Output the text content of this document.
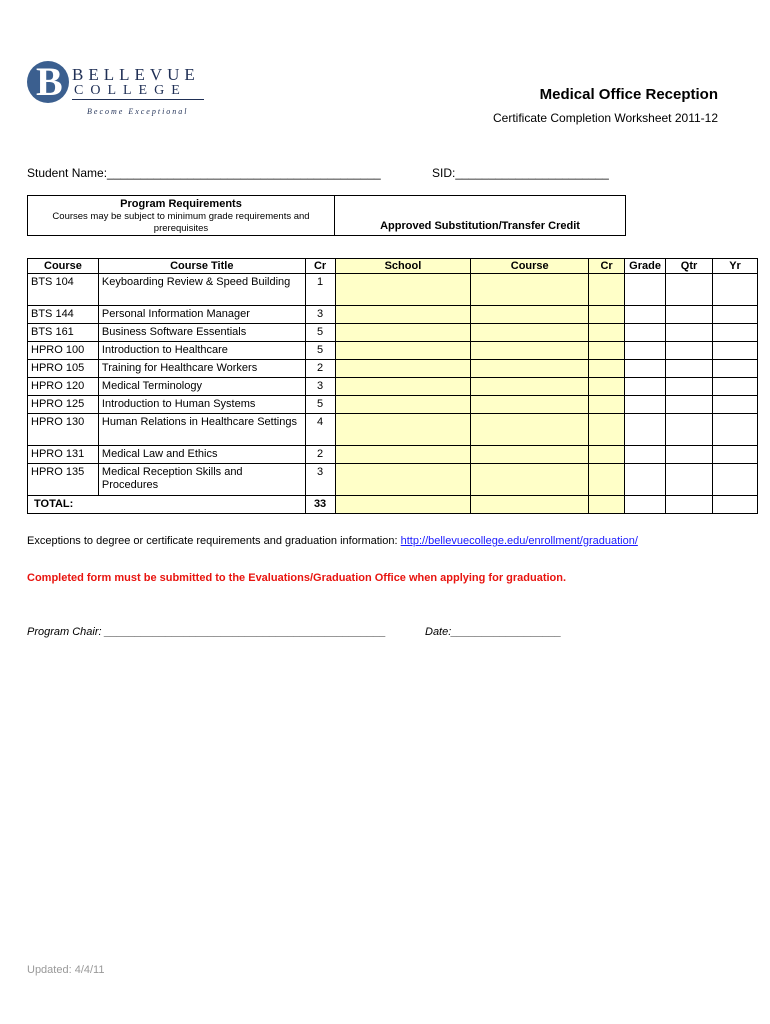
B BELLEVUE
COLLEGE
Become Exceptional
Medical Office Reception
Certificate Completion Worksheet 2011-12
Student Name:_________________________________________	SID:_______________________
Program Requirements
Courses may be subject to minimum grade requirements and prerequisites	Approved Substitution/Transfer Credit
Course	Course Title	Cr	School	Course	Cr	Grade	Qtr	Yr
BTS 104	Keyboarding Review & Speed Building	1						
BTS 144	Personal Information Manager	3						
BTS 161	Business Software Essentials	5						
HPRO 100	Introduction to Healthcare	5						
HPRO 105	Training for Healthcare Workers	2						
HPRO 120	Medical Terminology	3						
HPRO 125	Introduction to Human Systems	5						
HPRO 130	Human Relations in Healthcare Settings	4						
HPRO 131	Medical Law and Ethics	2						
HPRO 135	Medical Reception Skills and Procedures	3						
TOTAL:		33						
Exceptions to degree or certificate requirements and graduation information: http://bellevuecollege.edu/enrollment/graduation/
Completed form must be submitted to the Evaluations/Graduation Office when applying for graduation.
Program Chair: ______________________________________________	Date:__________________
Updated: 4/4/11
